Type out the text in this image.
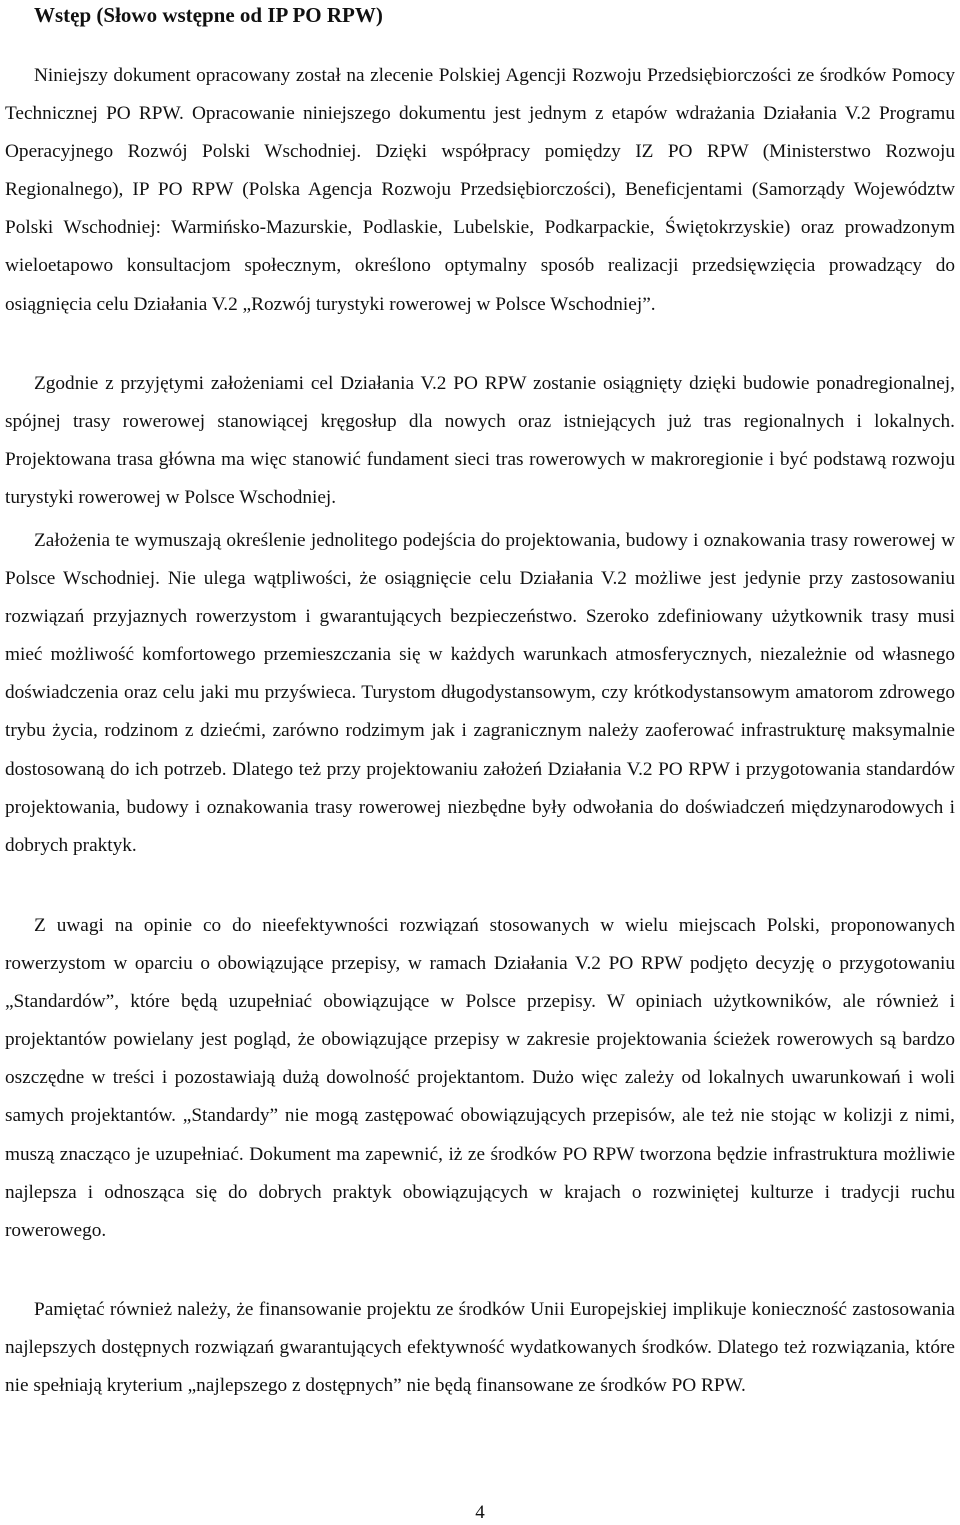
Wstęp (Słowo wstępne od IP PO RPW)

Niniejszy dokument opracowany został na zlecenie Polskiej Agencji Rozwoju Przedsiębiorczości ze środków Pomocy Technicznej PO RPW. Opracowanie niniejszego dokumentu jest jednym z etapów wdrażania Działania V.2 Programu Operacyjnego Rozwój Polski Wschodniej. Dzięki współpracy pomiędzy IZ PO RPW (Ministerstwo Rozwoju Regionalnego), IP PO RPW (Polska Agencja Rozwoju Przedsiębiorczości), Beneficjentami (Samorządy Województw Polski Wschodniej: Warmińsko-Mazurskie, Podlaskie, Lubelskie, Podkarpackie, Świętokrzyskie) oraz prowadzonym wieloetapowo konsultacjom społecznym, określono optymalny sposób realizacji przedsięwzięcia prowadzący do osiągnięcia celu Działania V.2 „Rozwój turystyki rowerowej w Polsce Wschodniej”.

Zgodnie z przyjętymi założeniami cel Działania V.2 PO RPW zostanie osiągnięty dzięki budowie ponadregionalnej, spójnej trasy rowerowej stanowiącej kręgosłup dla nowych oraz istniejących już tras regionalnych i lokalnych. Projektowana trasa główna ma więc stanowić fundament sieci tras rowerowych w makroregionie i być podstawą rozwoju turystyki rowerowej w Polsce Wschodniej.

Założenia te wymuszają określenie jednolitego podejścia do projektowania, budowy i oznakowania trasy rowerowej w Polsce Wschodniej. Nie ulega wątpliwości, że osiągnięcie celu Działania V.2 możliwe jest jedynie przy zastosowaniu rozwiązań przyjaznych rowerzystom i gwarantujących bezpieczeństwo. Szeroko zdefiniowany użytkownik trasy musi mieć możliwość komfortowego przemieszczania się w każdych warunkach atmosferycznych, niezależnie od własnego doświadczenia oraz celu jaki mu przyświeca. Turystom długodystansowym, czy krótkodystansowym amatorom zdrowego trybu życia, rodzinom z dziećmi, zarówno rodzimym jak i zagranicznym należy zaoferować infrastrukturę maksymalnie dostosowaną do ich potrzeb. Dlatego też przy projektowaniu założeń Działania V.2 PO RPW i przygotowania standardów projektowania, budowy i oznakowania trasy rowerowej niezbędne były odwołania do doświadczeń międzynarodowych i dobrych praktyk.

Z uwagi na opinie co do nieefektywności rozwiązań stosowanych w wielu miejscach Polski, proponowanych rowerzystom w oparciu o obowiązujące przepisy, w ramach Działania V.2 PO RPW podjęto decyzję o przygotowaniu „Standardów”, które będą uzupełniać obowiązujące w Polsce przepisy. W opiniach użytkowników, ale również i projektantów powielany jest pogląd, że obowiązujące przepisy w zakresie projektowania ścieżek rowerowych są bardzo oszczędne w treści i pozostawiają dużą dowolność projektantom. Dużo więc zależy od lokalnych uwarunkowań i woli samych projektantów. „Standardy” nie mogą zastępować obowiązujących przepisów, ale też nie stojąc w kolizji z nimi, muszą znacząco je uzupełniać. Dokument ma zapewnić, iż ze środków PO RPW tworzona będzie infrastruktura możliwie najlepsza i odnosząca się do dobrych praktyk obowiązujących w krajach o rozwiniętej kulturze i tradycji ruchu rowerowego.

Pamiętać również należy, że finansowanie projektu ze środków Unii Europejskiej implikuje konieczność zastosowania najlepszych dostępnych rozwiązań gwarantujących efektywność wydatkowanych środków. Dlatego też rozwiązania, które nie spełniają kryterium „najlepszego z dostępnych” nie będą finansowane ze środków PO RPW.

4
